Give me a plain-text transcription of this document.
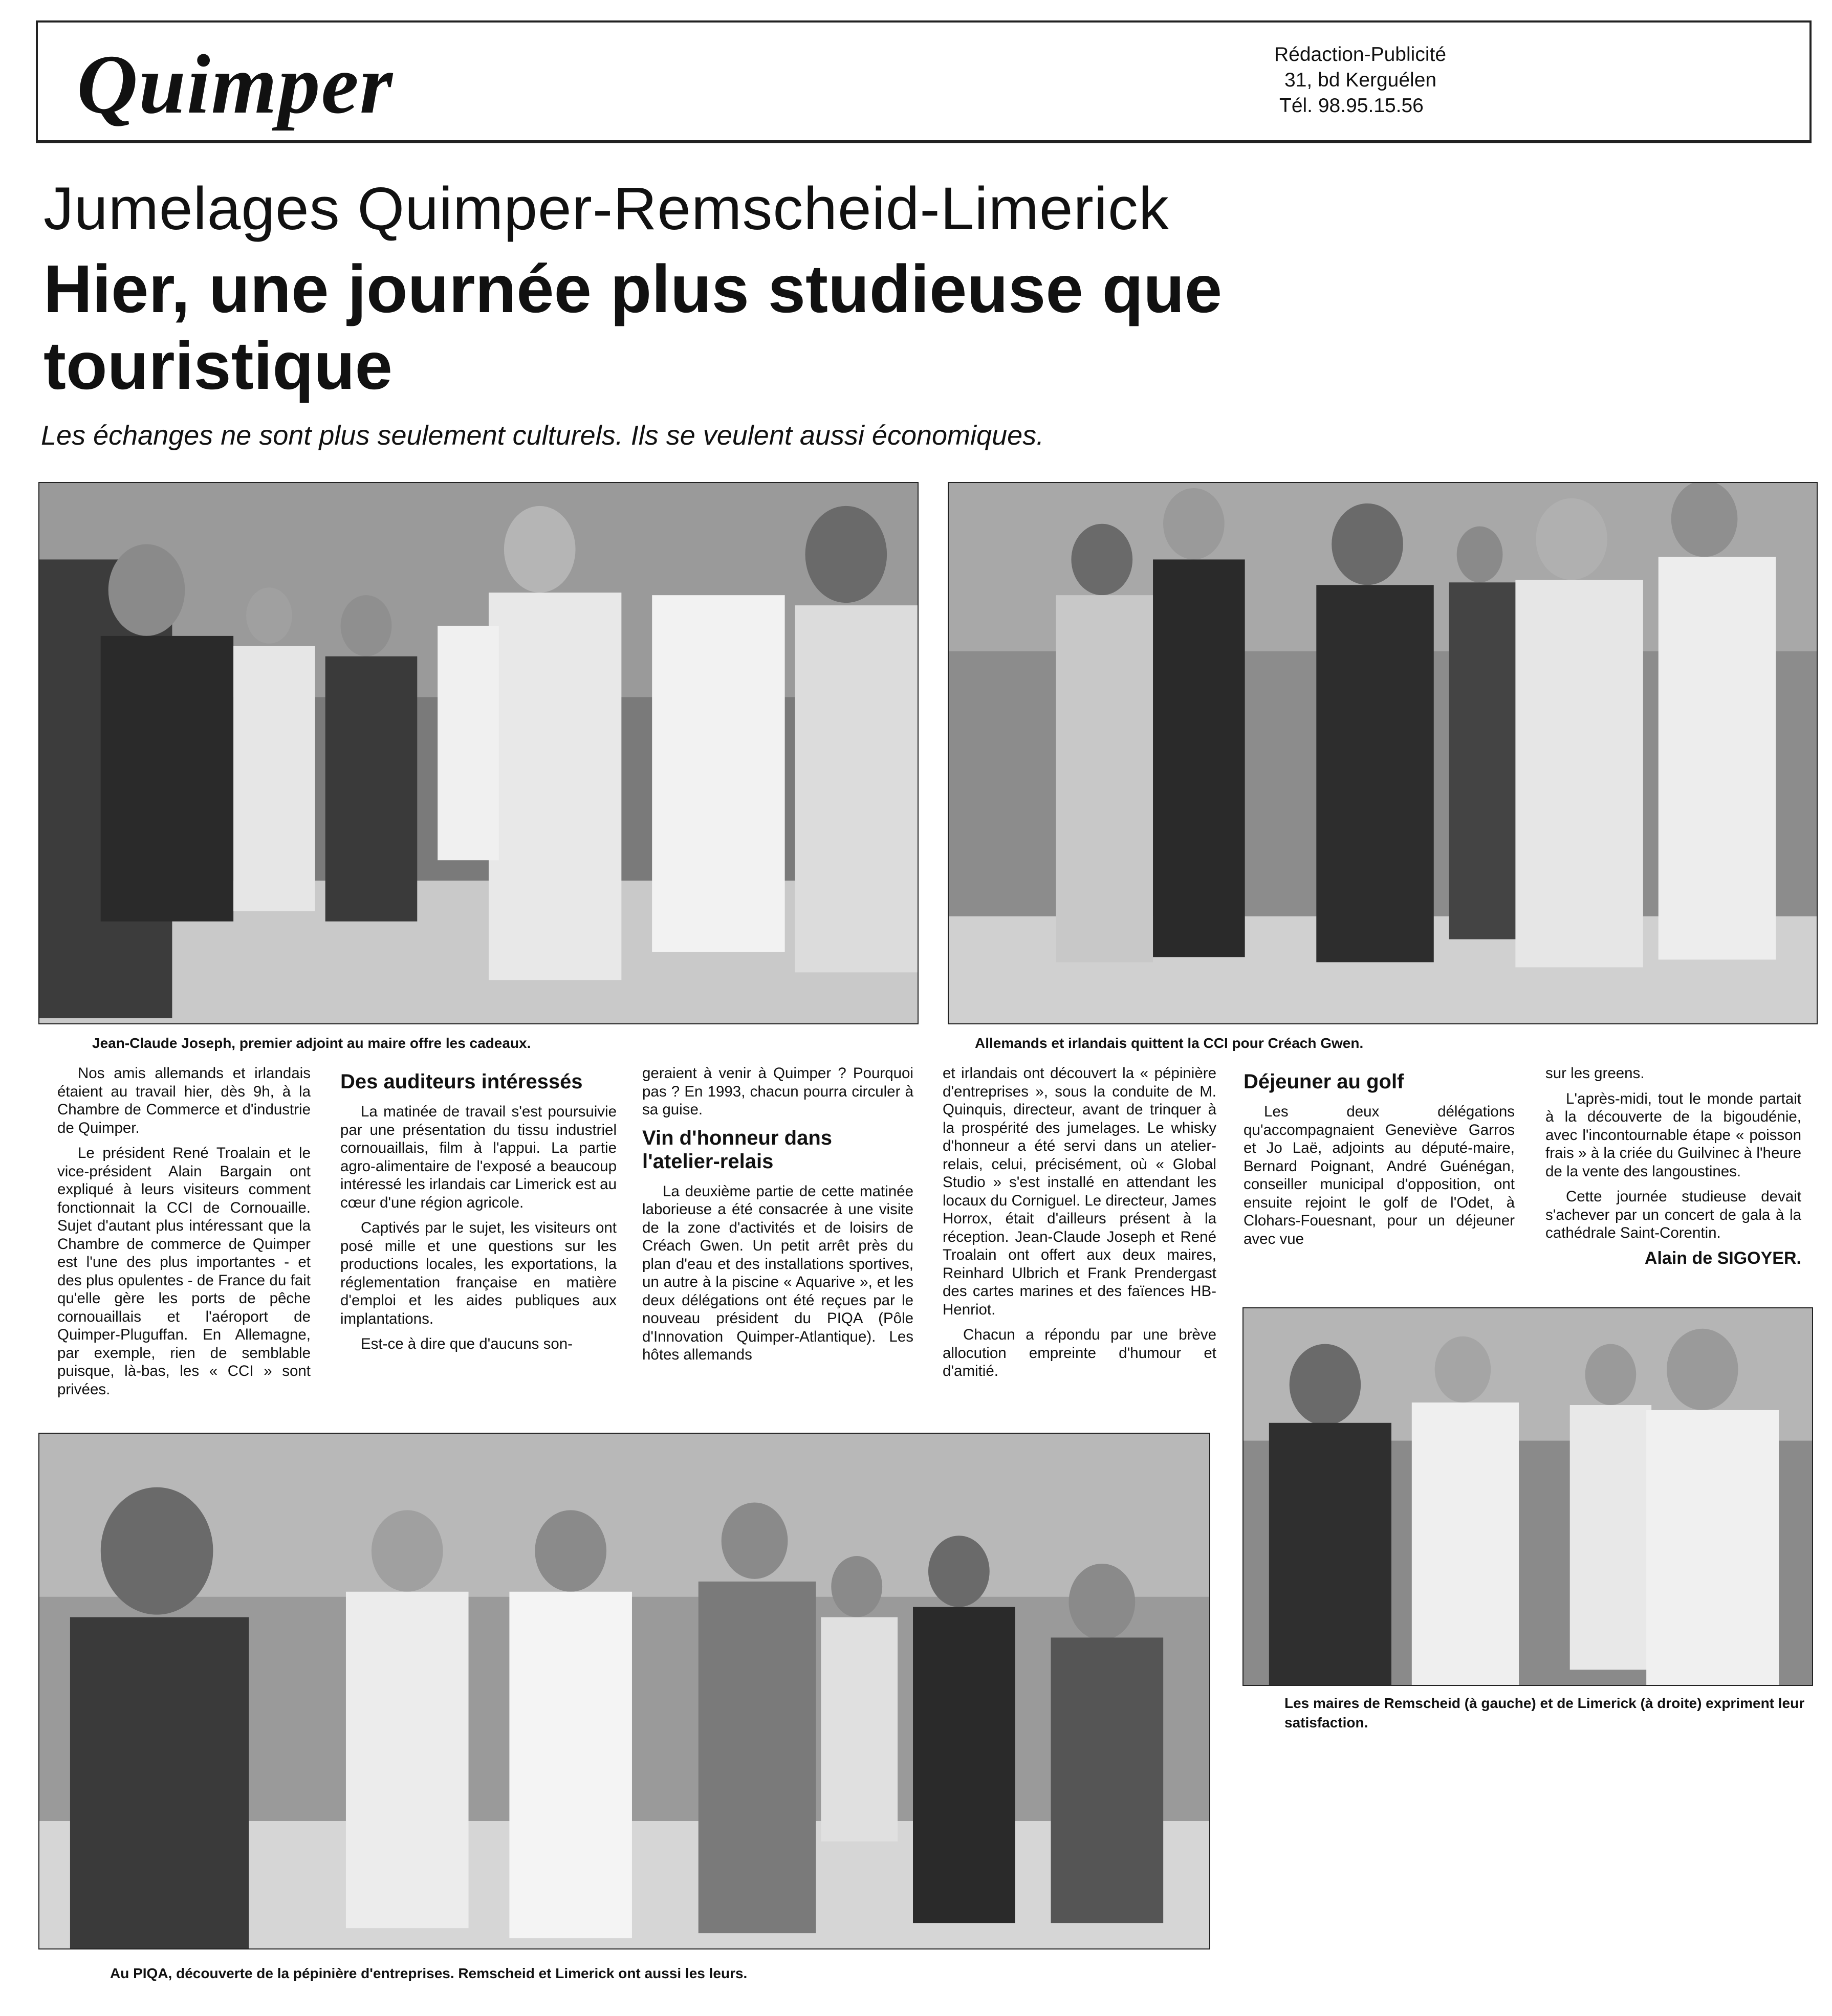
Quimper	Rédaction-Publicité
31, bd Kerguélen
Tél. 98.95.15.56
Jumelages Quimper-Remscheid-Limerick
Hier, une journée plus studieuse que touristique
Les échanges ne sont plus seulement culturels. Ils se veulent aussi économiques.
Jean-Claude Joseph, premier adjoint au maire offre les cadeaux.	Allemands et irlandais quittent la CCI pour Créach Gwen.

Nos amis allemands et irlandais étaient au travail hier, dès 9h, à la Chambre de Commerce et d'industrie de Quimper.

Le président René Troalain et le vice-président Alain Bargain ont expliqué à leurs visiteurs comment fonctionnait la CCI de Cornouaille. Sujet d'autant plus intéressant que la Chambre de commerce de Quimper est l'une des plus importantes - et des plus opulentes - de France du fait qu'elle gère les ports de pêche cornouaillais et l'aéroport de Quimper-Pluguffan. En Allemagne, par exemple, rien de semblable puisque, là-bas, les « CCI » sont privées.

Des auditeurs intéressés

La matinée de travail s'est poursuivie par une présentation du tissu industriel cornouaillais, film à l'appui. La partie agro-alimentaire de l'exposé a beaucoup intéressé les irlandais car Limerick est au cœur d'une région agricole.

Captivés par le sujet, les visiteurs ont posé mille et une questions sur les productions locales, les exportations, la réglementation française en matière d'emploi et les aides publiques aux implantations.

Est-ce à dire que d'aucuns son-

geraient à venir à Quimper ? Pourquoi pas ? En 1993, chacun pourra circuler à sa guise.

Vin d'honneur dans l'atelier-relais

La deuxième partie de cette matinée laborieuse a été consacrée à une visite de la zone d'activités et de loisirs de Créach Gwen. Un petit arrêt près du plan d'eau et des installations sportives, un autre à la piscine « Aquarive », et les deux délégations ont été reçues par le nouveau président du PIQA (Pôle d'Innovation Quimper-Atlantique). Les hôtes allemands

et irlandais ont découvert la « pépinière d'entreprises », sous la conduite de M. Quinquis, directeur, avant de trinquer à la prospérité des jumelages. Le whisky d'honneur a été servi dans un atelier-relais, celui, précisément, où « Global Studio » s'est installé en attendant les locaux du Corniguel. Le directeur, James Horrox, était d'ailleurs présent à la réception. Jean-Claude Joseph et René Troalain ont offert aux deux maires, Reinhard Ulbrich et Frank Prendergast des cartes marines et des faïences HB-Henriot.

Chacun a répondu par une brève allocution empreinte d'humour et d'amitié.

Déjeuner au golf

Les deux délégations qu'accompagnaient Geneviève Garros et Jo Laë, adjoints au député-maire, Bernard Poignant, André Guénégan, conseiller municipal d'opposition, ont ensuite rejoint le golf de l'Odet, à Clohars-Fouesnant, pour un déjeuner avec vue

sur les greens.

L'après-midi, tout le monde partait à la découverte de la bigoudénie, avec l'incontournable étape « poisson frais » à la criée du Guilvinec à l'heure de la vente des langoustines.

Cette journée studieuse devait s'achever par un concert de gala à la cathédrale Saint-Corentin.

Alain de SIGOYER.
Au PIQA, découverte de la pépinière d'entreprises. Remscheid et Limerick ont aussi les leurs.
Les maires de Remscheid (à gauche) et de Limerick (à droite) expriment leur satisfaction.
